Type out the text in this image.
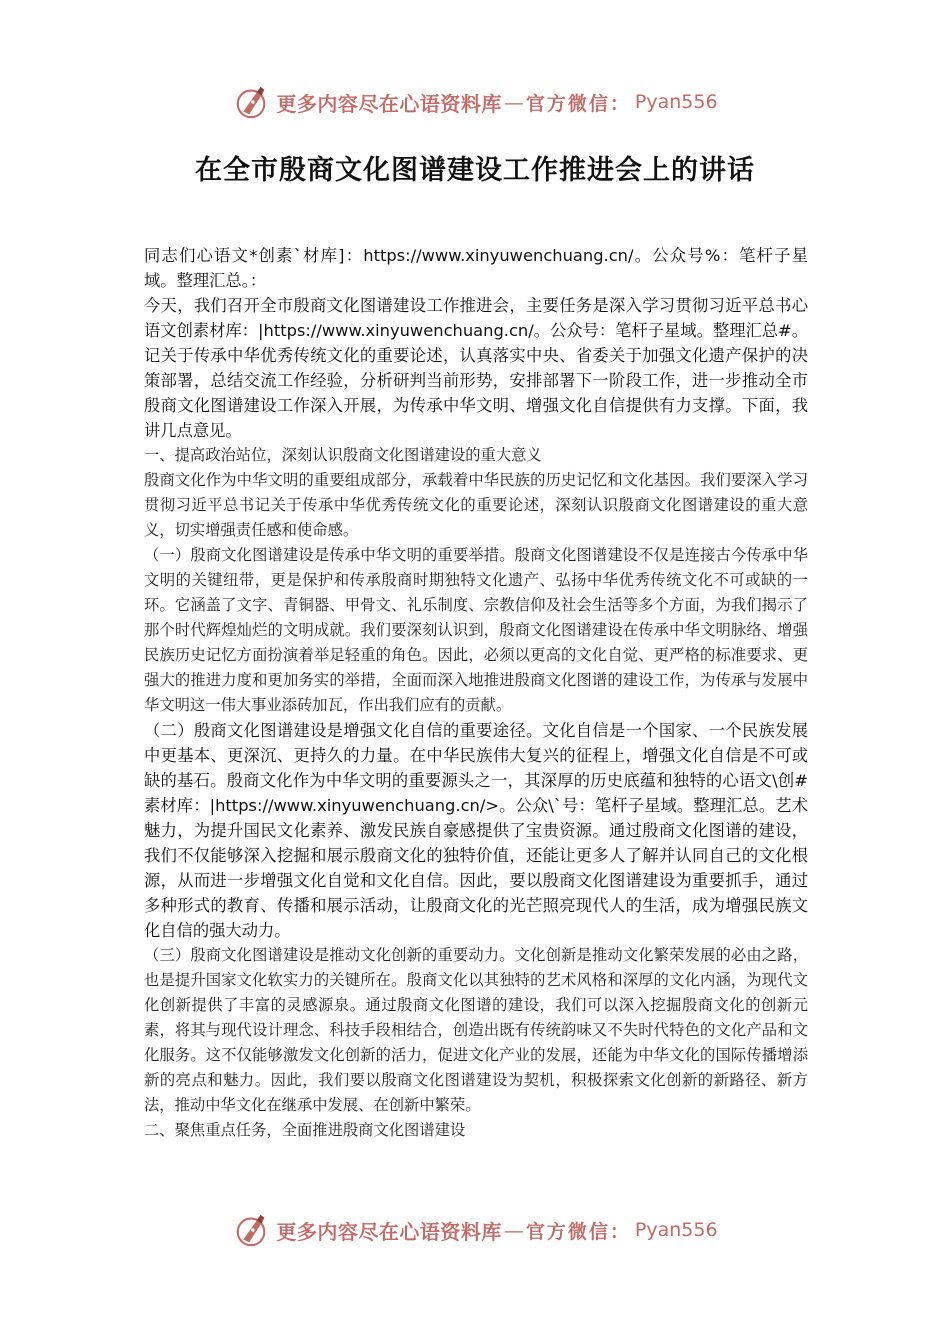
更多内容尽在心语资料库 — 官方微信： Pyan556
在全市殷商文化图谱建设工作推进会上的讲话

同志们心语文*创素`材库]：https://www.xinyuwenchuang.cn/。公众号%：笔杆子星域。整理汇总。：

今天，我们召开全市殷商文化图谱建设工作推进会，主要任务是深入学习贯彻习近平总书心语文创素材库：|https://www.xinyuwenchuang.cn/。公众号：笔杆子星域。整理汇总#。记关于传承中华优秀传统文化的重要论述，认真落实中央、省委关于加强文化遗产保护的决策部署，总结交流工作经验，分析研判当前形势，安排部署下一阶段工作，进一步推动全市殷商文化图谱建设工作深入开展，为传承中华文明、增强文化自信提供有力支撑。下面，我讲几点意见。

一、提高政治站位，深刻认识殷商文化图谱建设的重大意义

殷商文化作为中华文明的重要组成部分，承载着中华民族的历史记忆和文化基因。我们要深入学习贯彻习近平总书记关于传承中华优秀传统文化的重要论述，深刻认识殷商文化图谱建设的重大意义，切实增强责任感和使命感。

（一）殷商文化图谱建设是传承中华文明的重要举措。殷商文化图谱建设不仅是连接古今传承中华文明的关键纽带，更是保护和传承殷商时期独特文化遗产、弘扬中华优秀传统文化不可或缺的一环。它涵盖了文字、青铜器、甲骨文、礼乐制度、宗教信仰及社会生活等多个方面，为我们揭示了那个时代辉煌灿烂的文明成就。我们要深刻认识到，殷商文化图谱建设在传承中华文明脉络、增强民族历史记忆方面扮演着举足轻重的角色。因此，必须以更高的文化自觉、更严格的标准要求、更强大的推进力度和更加务实的举措，全面而深入地推进殷商文化图谱的建设工作，为传承与发展中华文明这一伟大事业添砖加瓦，作出我们应有的贡献。

（二）殷商文化图谱建设是增强文化自信的重要途径。文化自信是一个国家、一个民族发展中更基本、更深沉、更持久的力量。在中华民族伟大复兴的征程上，增强文化自信是不可或缺的基石。殷商文化作为中华文明的重要源头之一，其深厚的历史底蕴和独特的心语文\创#素材库：|https://www.xinyuwenchuang.cn/>。公众\`号：笔杆子星域。整理汇总。艺术魅力，为提升国民文化素养、激发民族自豪感提供了宝贵资源。通过殷商文化图谱的建设，我们不仅能够深入挖掘和展示殷商文化的独特价值，还能让更多人了解并认同自己的文化根源，从而进一步增强文化自觉和文化自信。因此，要以殷商文化图谱建设为重要抓手，通过多种形式的教育、传播和展示活动，让殷商文化的光芒照亮现代人的生活，成为增强民族文化自信的强大动力。

（三）殷商文化图谱建设是推动文化创新的重要动力。文化创新是推动文化繁荣发展的必由之路，也是提升国家文化软实力的关键所在。殷商文化以其独特的艺术风格和深厚的文化内涵，为现代文化创新提供了丰富的灵感源泉。通过殷商文化图谱的建设，我们可以深入挖掘殷商文化的创新元素，将其与现代设计理念、科技手段相结合，创造出既有传统韵味又不失时代特色的文化产品和文化服务。这不仅能够激发文化创新的活力，促进文化产业的发展，还能为中华文化的国际传播增添新的亮点和魅力。因此，我们要以殷商文化图谱建设为契机，积极探索文化创新的新路径、新方法，推动中华文化在继承中发展、在创新中繁荣。

二、聚焦重点任务，全面推进殷商文化图谱建设

更多内容尽在心语资料库 — 官方微信： Pyan556
